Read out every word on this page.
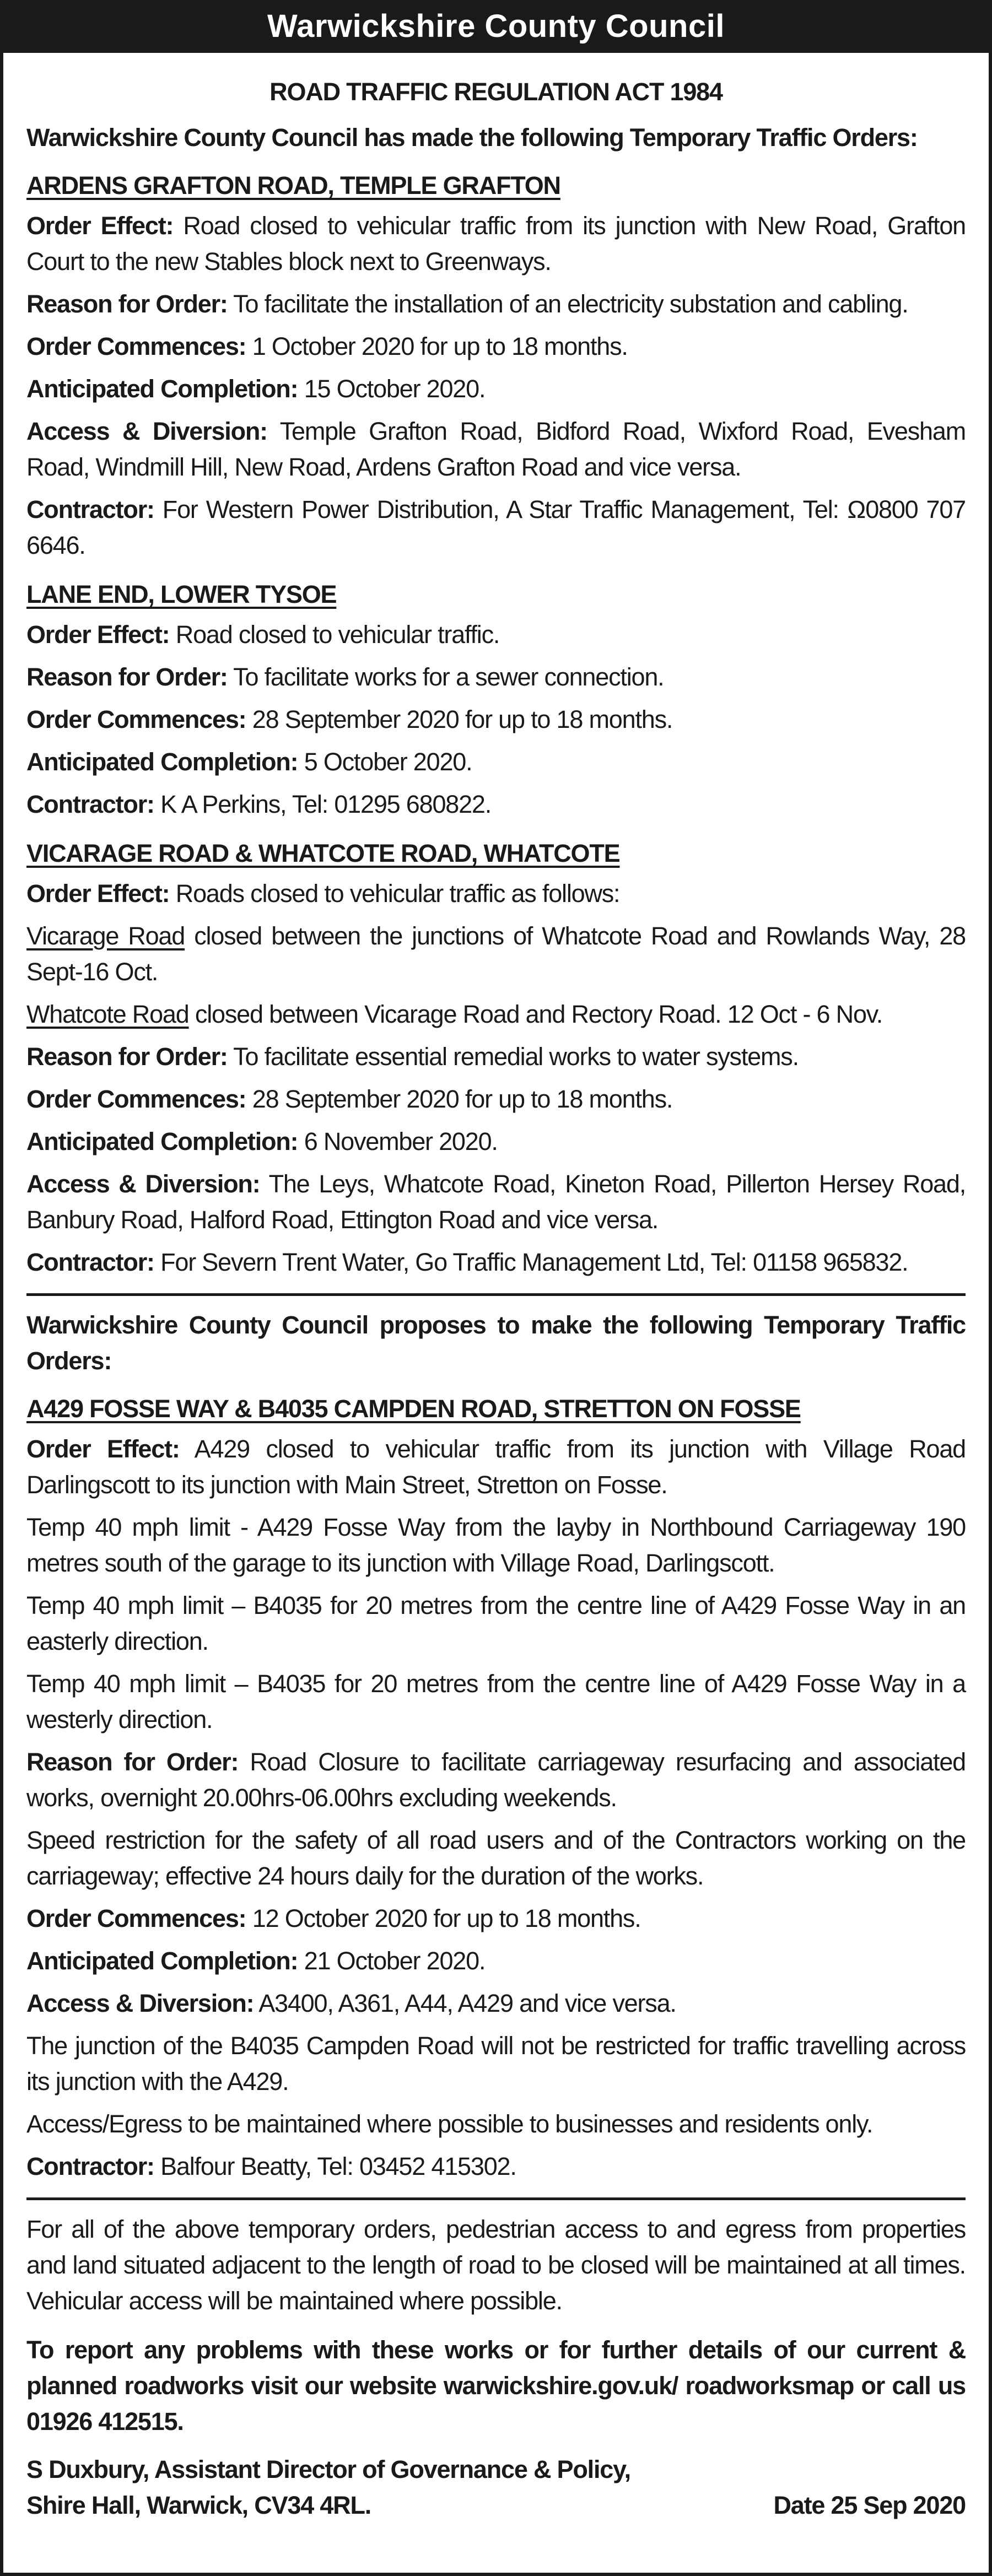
Warwickshire County Council
ROAD TRAFFIC REGULATION ACT 1984
Warwickshire County Council has made the following Temporary Traffic Orders:
ARDENS GRAFTON ROAD, TEMPLE GRAFTON
Order Effect: Road closed to vehicular traffic from its junction with New Road, Grafton Court to the new Stables block next to Greenways.
Reason for Order: To facilitate the installation of an electricity substation and cabling.
Order Commences: 1 October 2020 for up to 18 months.
Anticipated Completion: 15 October 2020.
Access & Diversion: Temple Grafton Road, Bidford Road, Wixford Road, Evesham Road, Windmill Hill, New Road, Ardens Grafton Road and vice versa.
Contractor: For Western Power Distribution, A Star Traffic Management, Tel: Ω0800 707 6646.
LANE END, LOWER TYSOE
Order Effect: Road closed to vehicular traffic.
Reason for Order: To facilitate works for a sewer connection.
Order Commences: 28 September 2020 for up to 18 months.
Anticipated Completion: 5 October 2020.
Contractor: K A Perkins, Tel: 01295 680822.
VICARAGE ROAD & WHATCOTE ROAD, WHATCOTE
Order Effect: Roads closed to vehicular traffic as follows:
Vicarage Road closed between the junctions of Whatcote Road and Rowlands Way, 28 Sept-16 Oct.
Whatcote Road closed between Vicarage Road and Rectory Road. 12 Oct - 6 Nov.
Reason for Order: To facilitate essential remedial works to water systems.
Order Commences: 28 September 2020 for up to 18 months.
Anticipated Completion: 6 November 2020.
Access & Diversion: The Leys, Whatcote Road, Kineton Road, Pillerton Hersey Road, Banbury Road, Halford Road, Ettington Road and vice versa.
Contractor: For Severn Trent Water, Go Traffic Management Ltd, Tel: 01158 965832.
Warwickshire County Council proposes to make the following Temporary Traffic Orders:
A429 FOSSE WAY & B4035 CAMPDEN ROAD, STRETTON ON FOSSE
Order Effect: A429 closed to vehicular traffic from its junction with Village Road Darlingscott to its junction with Main Street, Stretton on Fosse.
Temp 40 mph limit - A429 Fosse Way from the layby in Northbound Carriageway 190 metres south of the garage to its junction with Village Road, Darlingscott.
Temp 40 mph limit – B4035 for 20 metres from the centre line of A429 Fosse Way in an easterly direction.
Temp 40 mph limit – B4035 for 20 metres from the centre line of A429 Fosse Way in a westerly direction.
Reason for Order: Road Closure to facilitate carriageway resurfacing and associated works, overnight 20.00hrs-06.00hrs excluding weekends.
Speed restriction for the safety of all road users and of the Contractors working on the carriageway; effective 24 hours daily for the duration of the works.
Order Commences: 12 October 2020 for up to 18 months.
Anticipated Completion: 21 October 2020.
Access & Diversion: A3400, A361, A44, A429 and vice versa.
The junction of the B4035 Campden Road will not be restricted for traffic travelling across its junction with the A429.
Access/Egress to be maintained where possible to businesses and residents only.
Contractor: Balfour Beatty, Tel: 03452 415302.
For all of the above temporary orders, pedestrian access to and egress from properties and land situated adjacent to the length of road to be closed will be maintained at all times. Vehicular access will be maintained where possible.
To report any problems with these works or for further details of our current & planned roadworks visit our website warwickshire.gov.uk/ roadworksmap or call us 01926 412515.
S Duxbury, Assistant Director of Governance & Policy,
Shire Hall, Warwick, CV34 4RL.	Date 25 Sep 2020
